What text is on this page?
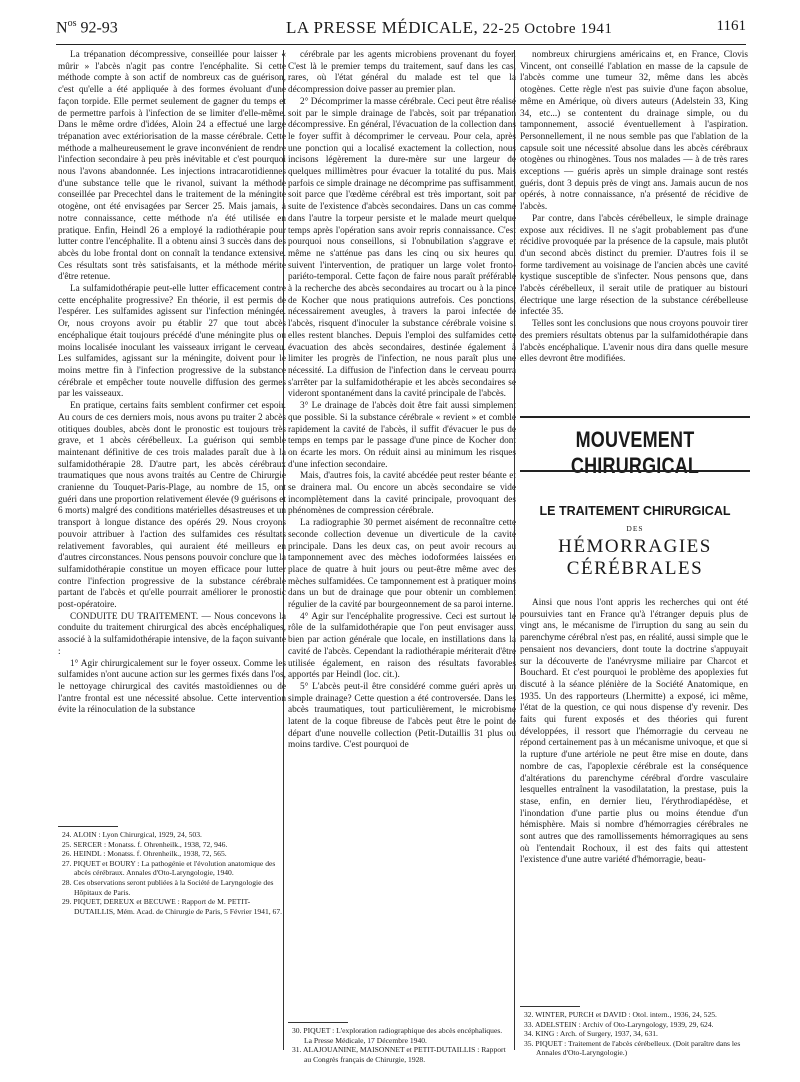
$N^{os}$ 92-93	LA PRESSE MÉDICALE, 22-25 Octobre 1941	1161

La trépanation décompressive, conseillée pour laisser « mûrir » l'abcès n'agit pas contre l'encéphalite. Si cette méthode compte à son actif de nombreux cas de guérison, c'est qu'elle a été appliquée à des formes évoluant d'une façon torpide. Elle permet seulement de gagner du temps et de permettre parfois à l'infection de se limiter d'elle-même. Dans le même ordre d'idées, Aloin 24 a effectué une large trépanation avec extériorisation de la masse cérébrale. Cette méthode a malheureusement le grave inconvénient de rendre l'infection secondaire à peu près inévitable et c'est pourquoi nous l'avons abandonnée. Les injections intracarotidiennes d'une substance telle que le rivanol, suivant la méthode conseillée par Precechtel dans le traitement de la méningite otogène, ont été envisagées par Sercer 25. Mais jamais, à notre connaissance, cette méthode n'a été utilisée en pratique. Enfin, Heindl 26 a employé la radiothérapie pour lutter contre l'encéphalite. Il a obtenu ainsi 3 succès dans des abcès du lobe frontal dont on connaît la tendance extensive. Ces résultats sont très satisfaisants, et la méthode mérite d'être retenue.

La sulfamidothérapie peut-elle lutter efficacement contre cette encéphalite progressive? En théorie, il est permis de l'espérer. Les sulfamides agissent sur l'infection méningée. Or, nous croyons avoir pu établir 27 que tout abcès encéphalique était toujours précédé d'une méningite plus ou moins localisée inoculant les vaisseaux irrigant le cerveau. Les sulfamides, agissant sur la méningite, doivent pour le moins mettre fin à l'infection progressive de la substance cérébrale et empêcher toute nouvelle diffusion des germes par les vaisseaux.

En pratique, certains faits semblent confirmer cet espoir. Au cours de ces derniers mois, nous avons pu traiter 2 abcès otitiques doubles, abcès dont le pronostic est toujours très grave, et 1 abcès cérébelleux. La guérison qui semble maintenant définitive de ces trois malades paraît due à la sulfamidothérapie 28. D'autre part, les abcès cérébraux traumatiques que nous avons traités au Centre de Chirurgie cranienne du Touquet-Paris-Plage, au nombre de 15, ont guéri dans une proportion relativement élevée (9 guérisons et 6 morts) malgré des conditions matérielles désastreuses et un transport à longue distance des opérés 29. Nous croyons pouvoir attribuer à l'action des sulfamides ces résultats relativement favorables, qui auraient été meilleurs en d'autres circonstances. Nous pensons pouvoir conclure que la sulfamidothérapie constitue un moyen efficace pour lutter contre l'infection progressive de la substance cérébrale partant de l'abcès et qu'elle pourrait améliorer le pronostic post-opératoire.

CONDUITE DU TRAITEMENT. — Nous concevons la conduite du traitement chirurgical des abcès encéphaliques, associé à la sulfamidothérapie intensive, de la façon suivante :

1° Agir chirurgicalement sur le foyer osseux. Comme les sulfamides n'ont aucune action sur les germes fixés dans l'os, le nettoyage chirurgical des cavités mastoïdiennes ou de l'antre frontal est une nécessité absolue. Cette intervention évite la réinoculation de la substance

cérébrale par les agents microbiens provenant du foyer. C'est là le premier temps du traitement, sauf dans les cas, rares, où l'état général du malade est tel que la décompression doive passer au premier plan.

2° Décomprimer la masse cérébrale. Ceci peut être réalisé soit par le simple drainage de l'abcès, soit par trépanation décompressive. En général, l'évacuation de la collection dans le foyer suffit à décomprimer le cerveau. Pour cela, après une ponction qui a localisé exactement la collection, nous incisons légèrement la dure-mère sur une largeur de quelques millimètres pour évacuer la totalité du pus. Mais parfois ce simple drainage ne décomprime pas suffisamment, soit parce que l'œdème cérébral est très important, soit par suite de l'existence d'abcès secondaires. Dans un cas comme dans l'autre la torpeur persiste et le malade meurt quelque temps après l'opération sans avoir repris connaissance. C'est pourquoi nous conseillons, si l'obnubilation s'aggrave et même ne s'atténue pas dans les cinq ou six heures qui suivent l'intervention, de pratiquer un large volet fronto-pariéto-temporal. Cette façon de faire nous paraît préférable à la recherche des abcès secondaires au trocart ou à la pince de Kocher que nous pratiquions autrefois. Ces ponctions, nécessairement aveugles, à travers la paroi infectée de l'abcès, risquent d'inoculer la substance cérébrale voisine si elles restent blanches. Depuis l'emploi des sulfamides cette évacuation des abcès secondaires, destinée également à limiter les progrès de l'infection, ne nous paraît plus une nécessité. La diffusion de l'infection dans le cerveau pourra s'arrêter par la sulfamidothérapie et les abcès secondaires se videront spontanément dans la cavité principale de l'abcès.

3° Le drainage de l'abcès doit être fait aussi simplement que possible. Si la substance cérébrale « revient » et comble rapidement la cavité de l'abcès, il suffit d'évacuer le pus de temps en temps par le passage d'une pince de Kocher dont on écarte les mors. On réduit ainsi au minimum les risques d'une infection secondaire.

Mais, d'autres fois, la cavité abcédée peut rester béante et se drainera mal. Ou encore un abcès secondaire se vide incomplètement dans la cavité principale, provoquant des phénomènes de compression cérébrale.

La radiographie 30 permet aisément de reconnaître cette seconde collection devenue un diverticule de la cavité principale. Dans les deux cas, on peut avoir recours au tamponnement avec des mèches iodoformées laissées en place de quatre à huit jours ou peut-être même avec des mèches sulfamidées. Ce tamponnement est à pratiquer moins dans un but de drainage que pour obtenir un comblement régulier de la cavité par bourgeonnement de sa paroi interne.

4° Agir sur l'encéphalite progressive. Ceci est surtout le rôle de la sulfamidothérapie que l'on peut envisager aussi bien par action générale que locale, en instillations dans la cavité de l'abcès. Cependant la radiothérapie mériterait d'être utilisée également, en raison des résultats favorables apportés par Heindl (loc. cit.).

5° L'abcès peut-il être considéré comme guéri après un simple drainage? Cette question a été controversée. Dans les abcès traumatiques, tout particulièrement, le microbisme latent de la coque fibreuse de l'abcès peut être le point de départ d'une nouvelle collection (Petit-Dutaillis 31 plus ou moins tardive. C'est pourquoi de

nombreux chirurgiens américains et, en France, Clovis Vincent, ont conseillé l'ablation en masse de la capsule de l'abcès comme une tumeur 32, même dans les abcès otogènes. Cette règle n'est pas suivie d'une façon absolue, même en Amérique, où divers auteurs (Adelstein 33, King 34, etc...) se contentent du drainage simple, ou du tamponnement, associé éventuellement à l'aspiration. Personnellement, il ne nous semble pas que l'ablation de la capsule soit une nécessité absolue dans les abcès cérébraux otogènes ou rhinogènes. Tous nos malades — à de très rares exceptions — guéris après un simple drainage sont restés guéris, dont 3 depuis près de vingt ans. Jamais aucun de nos opérés, à notre connaissance, n'a présenté de récidive de l'abcès.

Par contre, dans l'abcès cérébelleux, le simple drainage expose aux récidives. Il ne s'agit probablement pas d'une récidive provoquée par la présence de la capsule, mais plutôt d'un second abcès distinct du premier. D'autres fois il se forme tardivement au voisinage de l'ancien abcès une cavité kystique susceptible de s'infecter. Nous pensons que, dans l'abcès cérébelleux, il serait utile de pratiquer au bistouri électrique une large résection de la substance cérébelleuse infectée 35.

Telles sont les conclusions que nous croyons pouvoir tirer des premiers résultats obtenus par la sulfamidothérapie dans l'abcès encéphalique. L'avenir nous dira dans quelle mesure elles devront être modifiées.

MOUVEMENT CHIRURGICAL
LE TRAITEMENT CHIRURGICAL
DES
HÉMORRAGIES CÉRÉBRALES

Ainsi que nous l'ont appris les recherches qui ont été poursuivies tant en France qu'à l'étranger depuis plus de vingt ans, le mécanisme de l'irruption du sang au sein du parenchyme cérébral n'est pas, en réalité, aussi simple que le pensaient nos devanciers, dont toute la doctrine s'appuyait sur la découverte de l'anévrysme miliaire par Charcot et Bouchard. Et c'est pourquoi le problème des apoplexies fut discuté à la séance plénière de la Société Anatomique, en 1935. Un des rapporteurs (Lhermitte) a exposé, ici même, l'état de la question, ce qui nous dispense d'y revenir. Des faits qui furent exposés et des théories qui furent développées, il ressort que l'hémorragie du cerveau ne répond certainement pas à un mécanisme univoque, et que si la rupture d'une artériole ne peut être mise en doute, dans nombre de cas, l'apoplexie cérébrale est la conséquence d'altérations du parenchyme cérébral d'ordre vasculaire lesquelles entraînent la vasodilatation, la prestase, puis la stase, enfin, en dernier lieu, l'érythrodiapédèse, et l'inondation d'une partie plus ou moins étendue d'un hémisphère. Mais si nombre d'hémorragies cérébrales ne sont autres que des ramollissements hémorragiques au sens où l'entendait Rochoux, il est des faits qui attestent l'existence d'une autre variété d'hémorragie, beau-

24. ALOIN : Lyon Chirurgical, 1929, 24, 503.
25. SERCER : Monatss. f. Ohrenheilk., 1938, 72, 946.
26. HEINDL : Monatss. f. Ohrenheilk., 1938, 72, 565.
27. PIQUET et BOURY : La pathogénie et l'évolution anatomique des abcès cérébraux. Annales d'Oto-Laryngologie, 1940.
28. Ces observations seront publiées à la Société de Laryngologie des Hôpitaux de Paris.
29. PIQUET, DEREUX et BECUWE : Rapport de M. PETIT-DUTAILLIS, Mém. Acad. de Chirurgie de Paris, 5 Février 1941, 67.
30. PIQUET : L'exploration radiographique des abcès encéphaliques. La Presse Médicale, 17 Décembre 1940.
31. ALAJOUANINE, MAISONNET et PETIT-DUTAILLIS : Rapport au Congrès français de Chirurgie, 1928.
32. WINTER, PURCH et DAVID : Otol. intern., 1936, 24, 525.
33. ADELSTEIN : Archiv of Oto-Laryngology, 1939, 29, 624.
34. KING : Arch. of Surgery, 1937, 34, 631.
35. PIQUET : Traitement de l'abcès cérébelleux. (Doit paraître dans les Annales d'Oto-Laryngologie.)
